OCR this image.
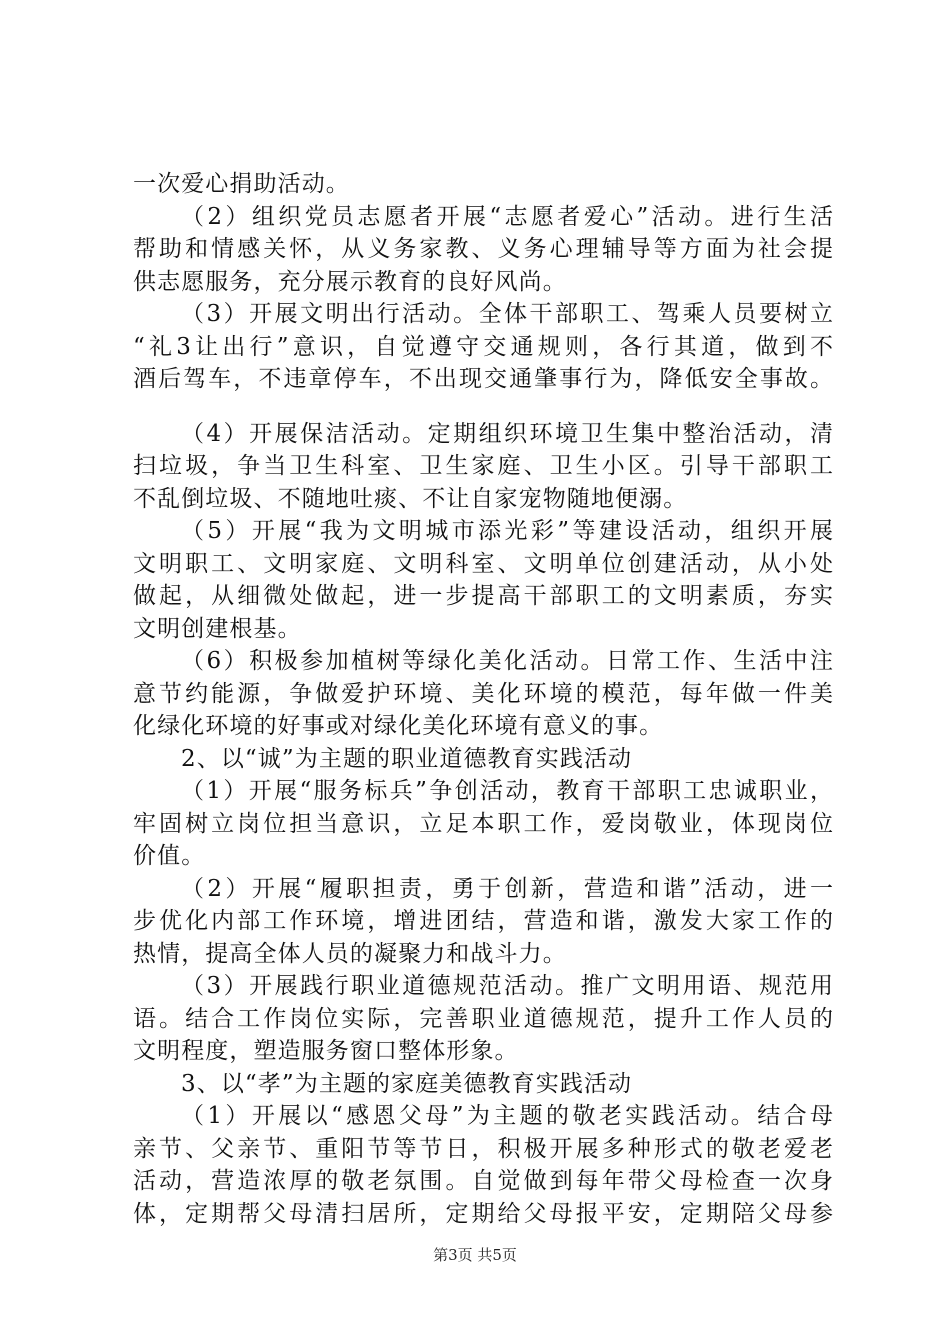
一次爱心捐助活动。
（2）组织党员志愿者开展“志愿者爱心”活动。进行生活
帮助和情感关怀，从义务家教、义务心理辅导等方面为社会提
供志愿服务，充分展示教育的良好风尚。
（3）开展文明出行活动。全体干部职工、驾乘人员要树立
“礼3让出行”意识，自觉遵守交通规则，各行其道，做到不
酒后驾车，不违章停车，不出现交通肇事行为，降低安全事故。
（4）开展保洁活动。定期组织环境卫生集中整治活动，清
扫垃圾，争当卫生科室、卫生家庭、卫生小区。引导干部职工
不乱倒垃圾、不随地吐痰、不让自家宠物随地便溺。
（5）开展“我为文明城市添光彩”等建设活动，组织开展
文明职工、文明家庭、文明科室、文明单位创建活动，从小处
做起，从细微处做起，进一步提高干部职工的文明素质，夯实
文明创建根基。
（6）积极参加植树等绿化美化活动。日常工作、生活中注
意节约能源，争做爱护环境、美化环境的模范，每年做一件美
化绿化环境的好事或对绿化美化环境有意义的事。
2、以“诚”为主题的职业道德教育实践活动
（1）开展“服务标兵”争创活动，教育干部职工忠诚职业，
牢固树立岗位担当意识，立足本职工作，爱岗敬业，体现岗位
价值。
（2）开展“履职担责，勇于创新，营造和谐”活动，进一
步优化内部工作环境，增进团结，营造和谐，激发大家工作的
热情，提高全体人员的凝聚力和战斗力。
（3）开展践行职业道德规范活动。推广文明用语、规范用
语。结合工作岗位实际，完善职业道德规范，提升工作人员的
文明程度，塑造服务窗口整体形象。
3、以“孝”为主题的家庭美德教育实践活动
（1）开展以“感恩父母”为主题的敬老实践活动。结合母
亲节、父亲节、重阳节等节日，积极开展多种形式的敬老爱老
活动，营造浓厚的敬老氛围。自觉做到每年带父母检查一次身
体，定期帮父母清扫居所，定期给父母报平安，定期陪父母参
第3页 共5页
